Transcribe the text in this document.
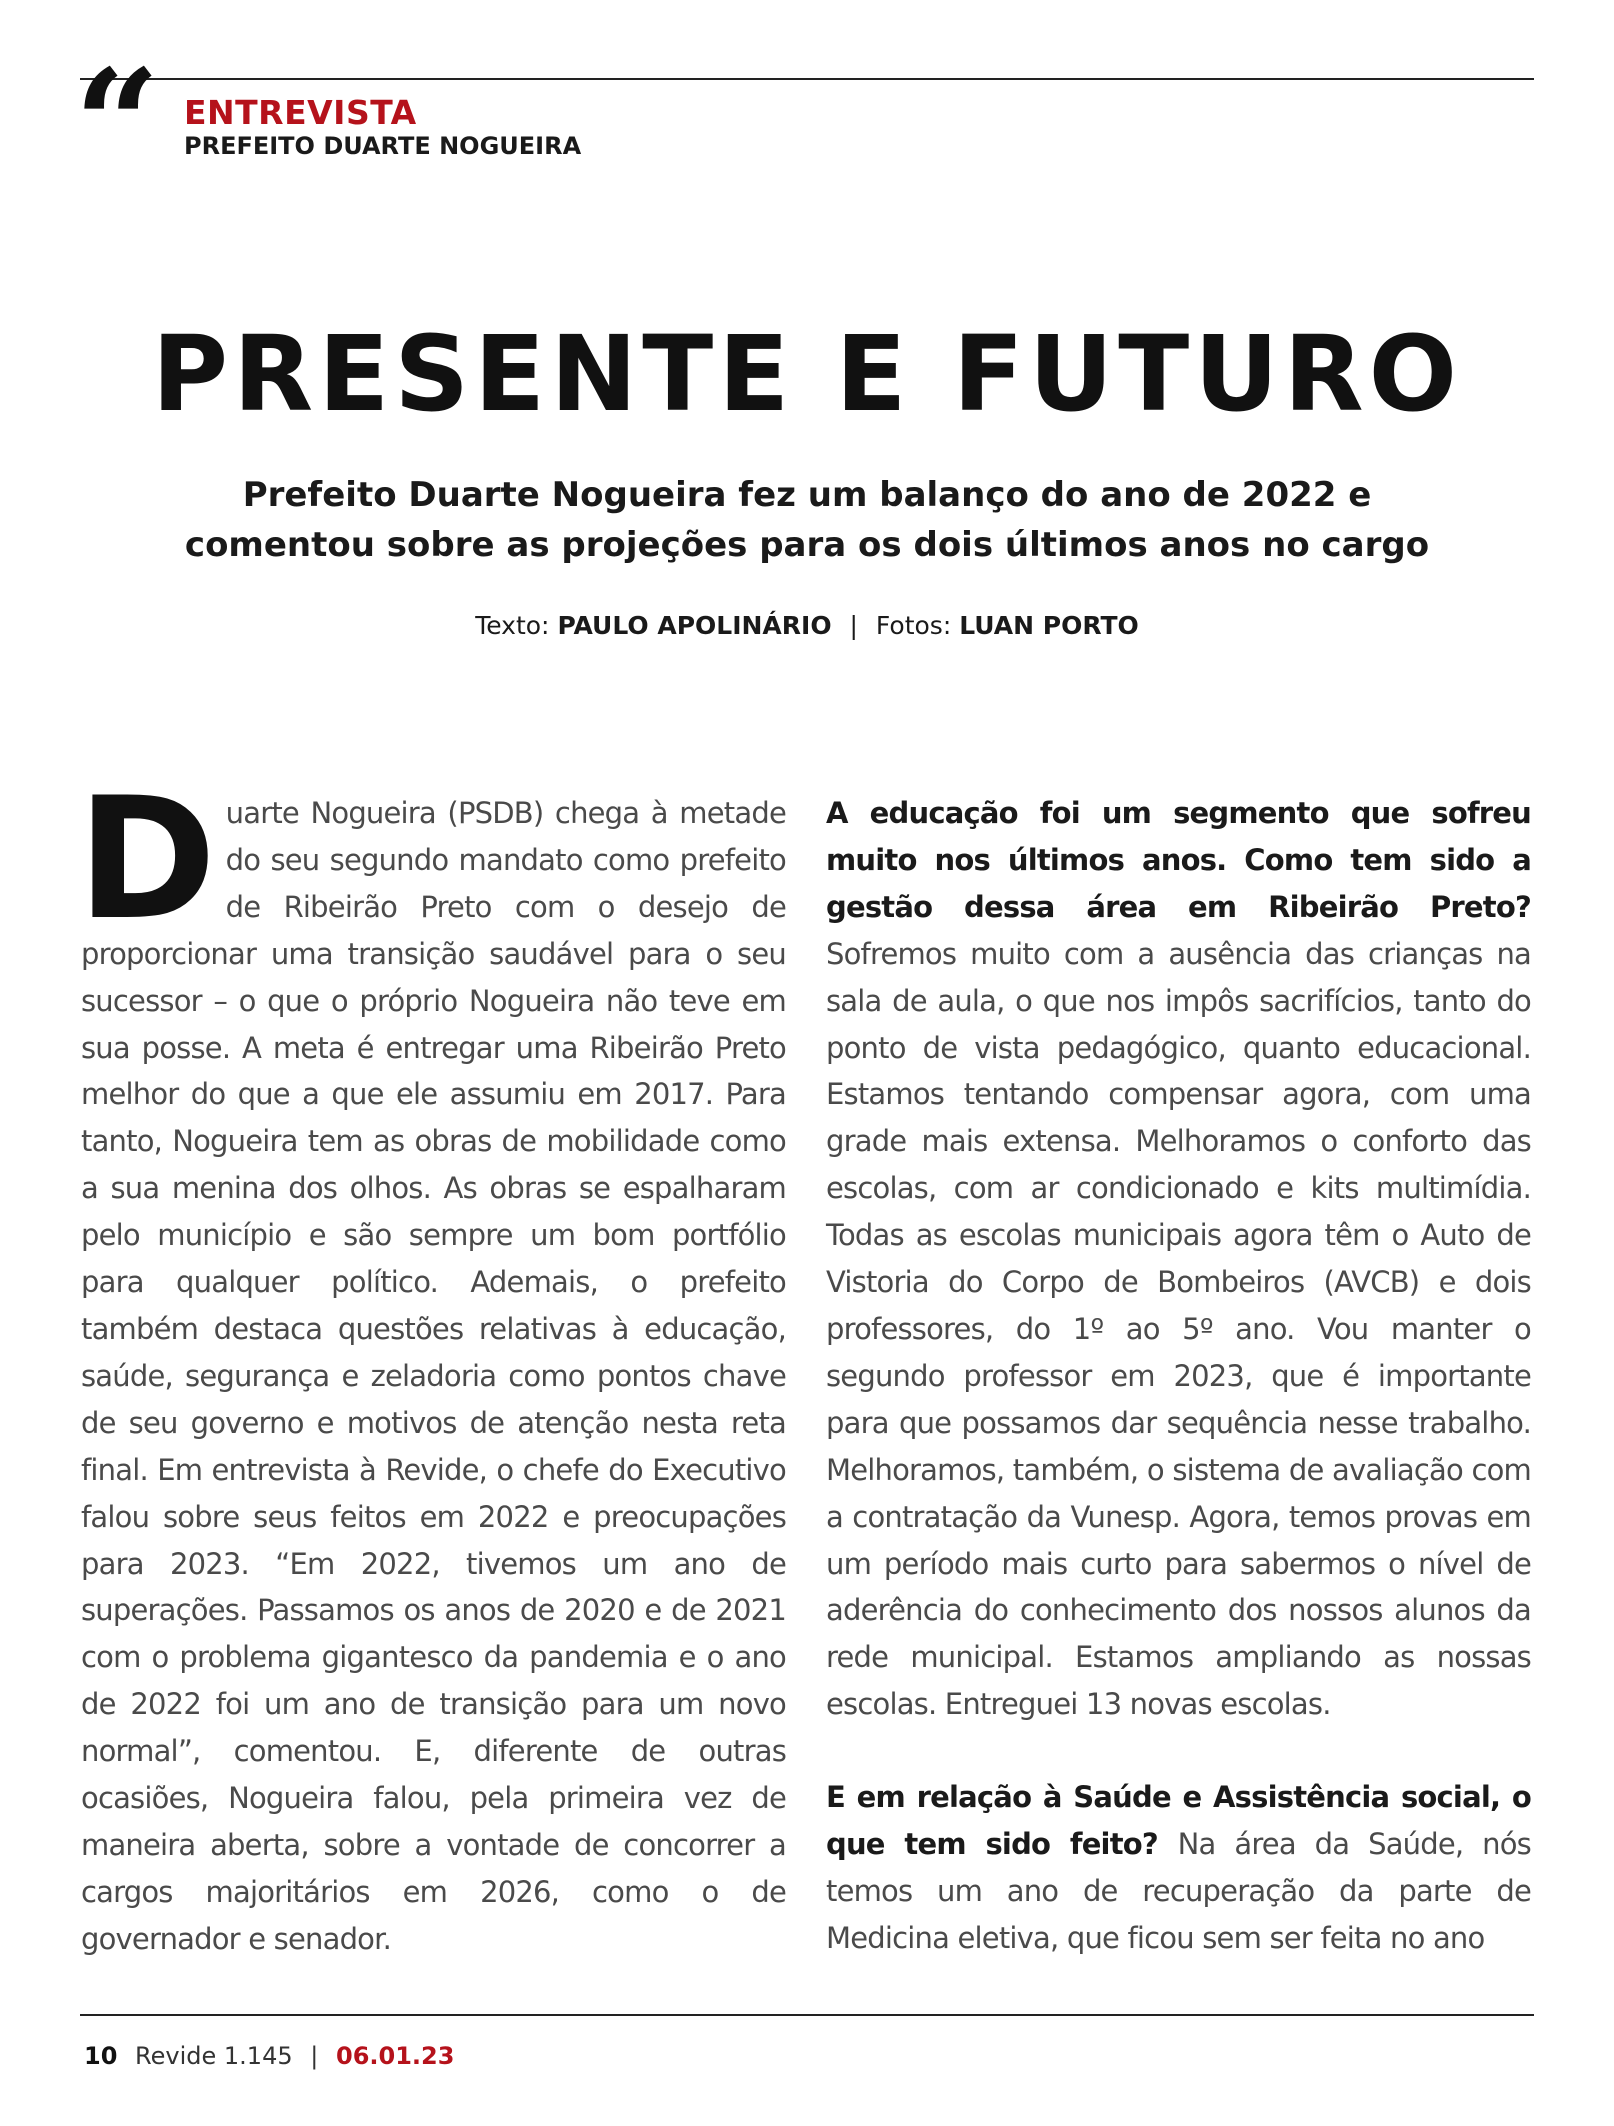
“ ENTREVISTA
PREFEITO DUARTE NOGUEIRA
PRESENTE E FUTURO
Prefeito Duarte Nogueira fez um balanço do ano de 2022 e comentou sobre as projeções para os dois últimos anos no cargo
Texto: PAULO APOLINÁRIO | Fotos: LUAN PORTO
D uarte Nogueira (PSDB) chega à metade do seu segundo mandato como prefeito de Ribeirão Preto com o desejo de proporcionar uma transição saudável para o seu sucessor – o que o próprio Nogueira não teve em sua posse. A meta é entregar uma Ribeirão Preto melhor do que a que ele assumiu em 2017. Para tanto, Nogueira tem as obras de mobilidade como a sua menina dos olhos. As obras se espalharam pelo município e são sempre um bom portfólio para qualquer político. Ademais, o prefeito também destaca questões relativas à educação, saúde, segurança e zeladoria como pontos chave de seu governo e motivos de atenção nesta reta final. Em entrevista à Revide, o chefe do Executivo falou sobre seus feitos em 2022 e preocupações para 2023. “Em 2022, tivemos um ano de superações. Passamos os anos de 2020 e de 2021 com o problema gigantesco da pandemia e o ano de 2022 foi um ano de transição para um novo normal”, comentou. E, diferente de outras ocasiões, Nogueira falou, pela primeira vez de maneira aberta, sobre a vontade de concorrer a cargos majoritários em 2026, como o de governador e senador.
A educação foi um segmento que sofreu muito nos últimos anos. Como tem sido a gestão dessa área em Ribeirão Preto? Sofremos muito com a ausência das crianças na sala de aula, o que nos impôs sacrifícios, tanto do ponto de vista pedagógico, quanto educacional. Estamos tentando compensar agora, com uma grade mais extensa. Melhoramos o conforto das escolas, com ar condicionado e kits multimídia. Todas as escolas municipais agora têm o Auto de Vistoria do Corpo de Bombeiros (AVCB) e dois professores, do 1º ao 5º ano. Vou manter o segundo professor em 2023, que é importante para que possamos dar sequência nesse trabalho. Melhoramos, também, o sistema de avaliação com a contratação da Vunesp. Agora, temos provas em um período mais curto para sabermos o nível de aderência do conhecimento dos nossos alunos da rede municipal. Estamos ampliando as nossas escolas. Entreguei 13 novas escolas.
E em relação à Saúde e Assistência social, o que tem sido feito? Na área da Saúde, nós temos um ano de recuperação da parte de Medicina eletiva, que ficou sem ser feita no ano
10 Revide 1.145 | 06.01.23
